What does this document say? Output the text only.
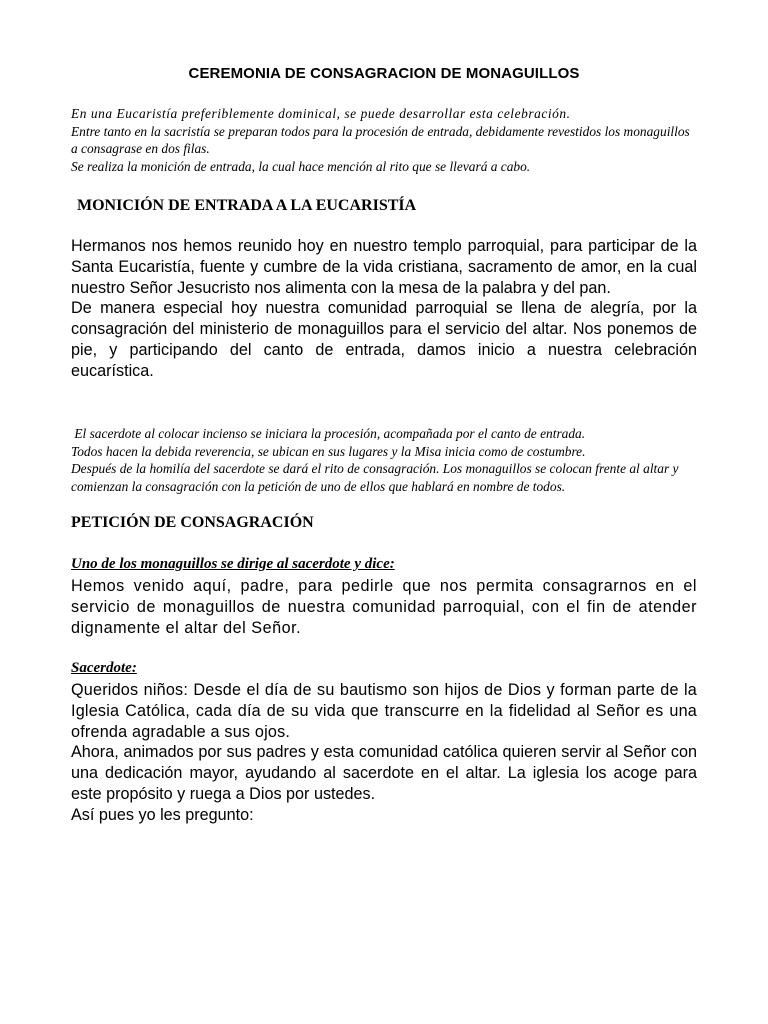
CEREMONIA DE CONSAGRACION DE MONAGUILLOS

En una Eucaristía preferiblemente dominical, se puede desarrollar esta celebración.

Entre tanto en la sacristía se preparan todos para la procesión de entrada, debidamente revestidos los monaguillos a consagrase en dos filas.

Se realiza la monición de entrada, la cual hace mención al rito que se llevará a cabo.

MONICIÓN DE ENTRADA A LA EUCARISTÍA

Hermanos nos hemos reunido hoy en nuestro templo parroquial, para participar de la Santa Eucaristía, fuente y cumbre de la vida cristiana, sacramento de amor, en la cual nuestro Señor Jesucristo nos alimenta con la mesa de la palabra y del pan.

De manera especial hoy nuestra comunidad parroquial se llena de alegría, por la consagración del ministerio de monaguillos para el servicio del altar. Nos ponemos de pie, y participando del canto de entrada, damos inicio a nuestra celebración eucarística.

El sacerdote al colocar incienso se iniciara la procesión, acompañada por el canto de entrada.

Todos hacen la debida reverencia, se ubican en sus lugares y la Misa inicia como de costumbre.

Después de la homilía del sacerdote se dará el rito de consagración. Los monaguillos se colocan frente al altar y comienzan la consagración con la petición de uno de ellos que hablará en nombre de todos.

PETICIÓN DE CONSAGRACIÓN
Uno de los monaguillos se dirige al sacerdote y dice:

Hemos venido aquí, padre, para pedirle que nos permita consagrarnos en el servicio de monaguillos de nuestra comunidad parroquial, con el fin de atender dignamente el altar del Señor.

Sacerdote:

Queridos niños: Desde el día de su bautismo son hijos de Dios y forman parte de la Iglesia Católica, cada día de su vida que transcurre en la fidelidad al Señor es una ofrenda agradable a sus ojos.

Ahora, animados por sus padres y esta comunidad católica quieren servir al Señor con una dedicación mayor, ayudando al sacerdote en el altar. La iglesia los acoge para este propósito y ruega a Dios por ustedes.

Así pues yo les pregunto:
